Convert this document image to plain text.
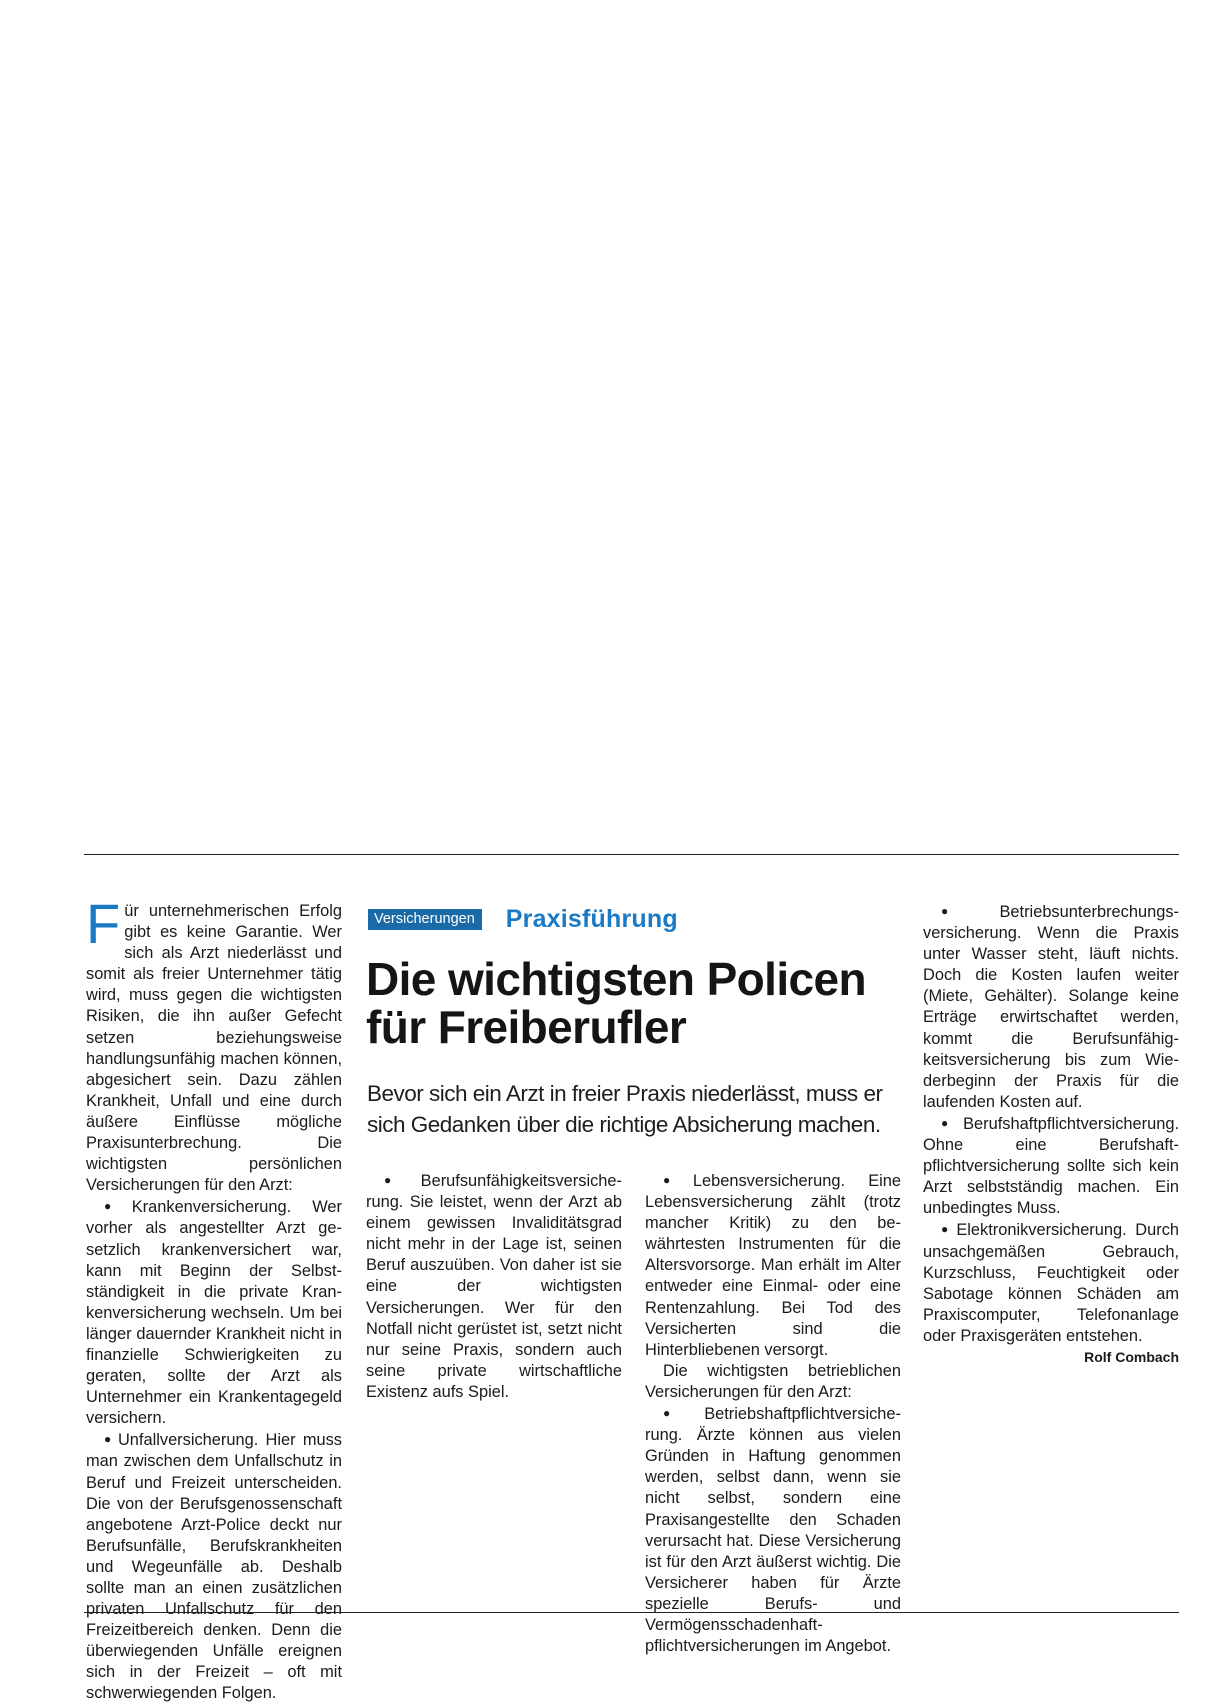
Versicherungen Praxisführung
Die wichtigsten Policen
für Freiberufler

Bevor sich ein Arzt in freier Praxis niederlässt, muss er sich Gedanken über die richtige Absicherung machen.

Für unternehmerischen Erfolg gibt es keine Garantie. Wer sich als Arzt niederlässt und somit als freier Unternehmer tätig wird, muss gegen die wichtigsten Risiken, die ihn außer Gefecht setzen beziehungsweise handlungsunfähig machen können, abgesichert sein. Dazu zählen Krankheit, Unfall und eine durch äußere Einflüsse mögliche Praxisunterbrechung. Die wichtigsten persönlichen Versicherungen für den Arzt:

● Krankenversicherung. Wer vorher als angestellter Arzt gesetzlich krankenversichert war, kann mit Beginn der Selbstständigkeit in die private Krankenversicherung wechseln. Um bei länger dauernder Krankheit nicht in finanzielle Schwierigkeiten zu geraten, sollte der Arzt als Unternehmer ein Krankentagegeld versichern.

● Unfallversicherung. Hier muss man zwischen dem Unfallschutz in Beruf und Freizeit unterscheiden. Die von der Berufsgenossenschaft angebotene Arzt-Police deckt nur Berufsunfälle, Berufskrankheiten und Wegeunfälle ab. Deshalb sollte man an einen zusätzlichen privaten Unfallschutz für den Freizeitbereich denken. Denn die überwiegenden Unfälle ereignen sich in der Freizeit – oft mit schwerwiegenden Folgen.

● Berufsunfähigkeitsversicherung. Sie leistet, wenn der Arzt ab einem gewissen Invaliditätsgrad nicht mehr in der Lage ist, seinen Beruf auszuüben. Von daher ist sie eine der wichtigsten Versicherungen. Wer für den Notfall nicht gerüstet ist, setzt nicht nur seine Praxis, sondern auch seine private wirtschaftliche Existenz aufs Spiel.

● Lebensversicherung. Eine Lebensversicherung zählt (trotz mancher Kritik) zu den bewährtesten Instrumenten für die Altersvorsorge. Man erhält im Alter entweder eine Einmal- oder eine Rentenzahlung. Bei Tod des Versicherten sind die Hinterbliebenen versorgt.

Die wichtigsten betrieblichen Versicherungen für den Arzt:

● Betriebshaftpflichtversicherung. Ärzte können aus vielen Gründen in Haftung genommen werden, selbst dann, wenn sie nicht selbst, sondern eine Praxisangestellte den Schaden verursacht hat. Diese Versicherung ist für den Arzt äußerst wichtig. Die Versicherer haben für Ärzte spezielle Berufs- und Vermögensschadenhaftpflichtversicherungen im Angebot.

● Betriebsunterbrechungsversicherung. Wenn die Praxis unter Wasser steht, läuft nichts. Doch die Kosten laufen weiter (Miete, Gehälter). Solange keine Erträge erwirtschaftet werden, kommt die Berufsunfähigkeitsversicherung bis zum Wiederbeginn der Praxis für die laufenden Kosten auf.

● Berufshaftpflichtversicherung. Ohne eine Berufshaftpflichtversicherung sollte sich kein Arzt selbstständig machen. Ein unbedingtes Muss.

● Elektronikversicherung. Durch unsachgemäßen Gebrauch, Kurzschluss, Feuchtigkeit oder Sabotage können Schäden am Praxiscomputer, Telefonanlage oder Praxisgeräten entstehen.
Rolf Combach
